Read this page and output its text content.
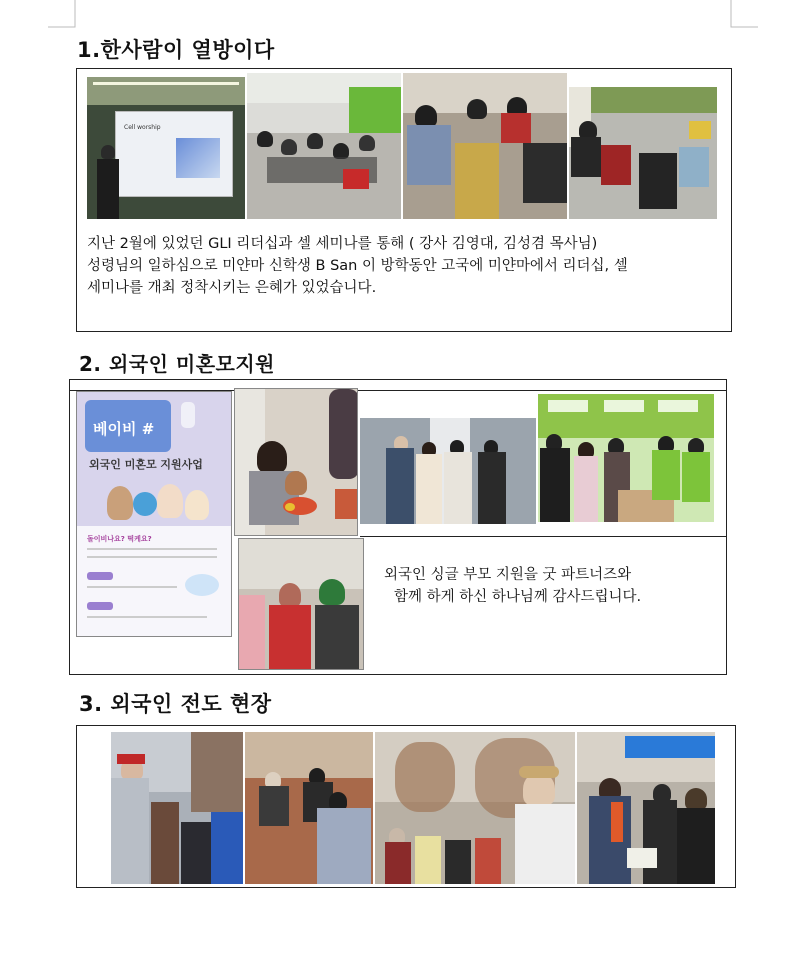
1.한사람이 열방이다
Cell worship
지난 2월에 있었던 GLI 리더십과 셀 세미나를 통해 ( 강사 김영대, 김성겸 목사님)
성령님의 일하심으로 미얀마 신학생 B San 이 방학동안 고국에 미얀마에서 리더십, 셀
세미나를 개최 정착시키는 은혜가 있었습니다.
2. 외국인 미혼모지원
베이비 #
외국인 미혼모 지원사업
돌이비나요? 떡케요?
외국인 싱글 부모 지원을 굿 파트너즈와
함께 하게 하신 하나님께 감사드립니다.
3. 외국인 전도 현장
